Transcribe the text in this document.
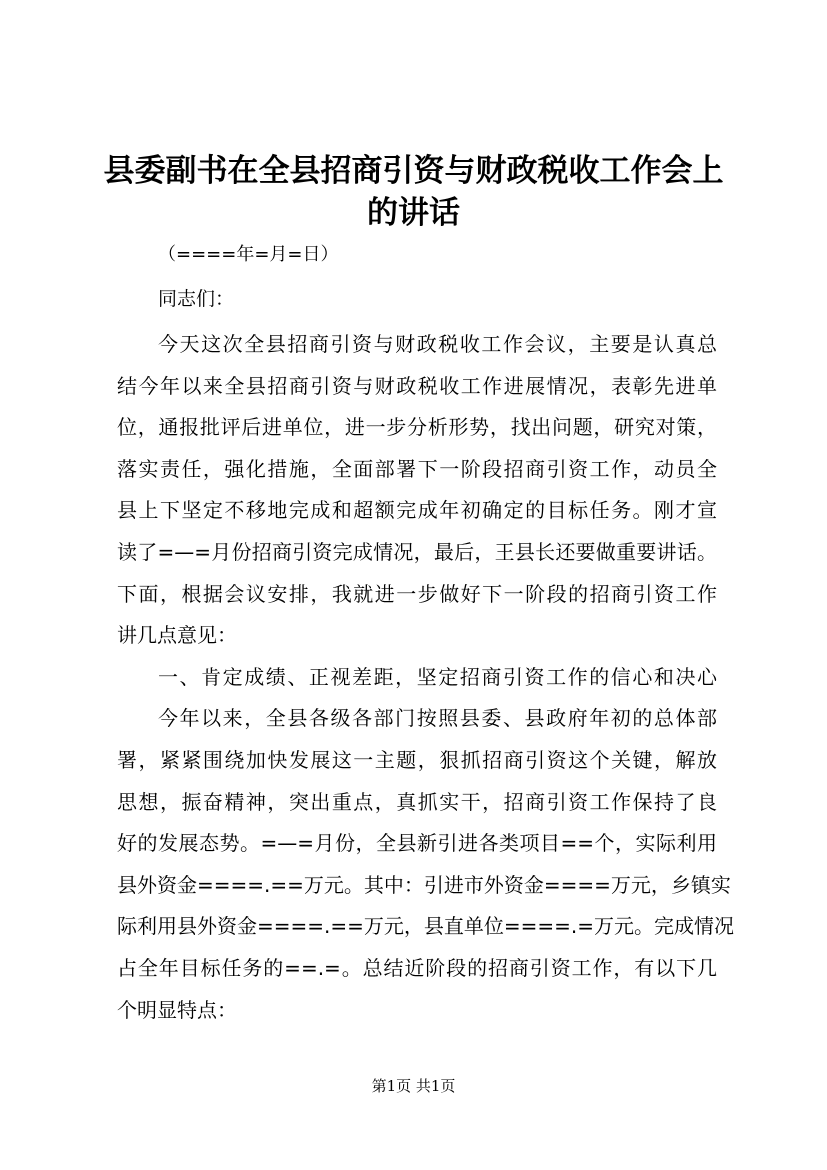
县委副书在全县招商引资与财政税收工作会上
的讲话
（====年=月=日）
同志们：
今天这次全县招商引资与财政税收工作会议，主要是认真总
结今年以来全县招商引资与财政税收工作进展情况，表彰先进单
位，通报批评后进单位，进一步分析形势，找出问题，研究对策，
落实责任，强化措施，全面部署下一阶段招商引资工作，动员全
县上下坚定不移地完成和超额完成年初确定的目标任务。刚才宣
读了=—=月份招商引资完成情况，最后，王县长还要做重要讲话。
下面，根据会议安排，我就进一步做好下一阶段的招商引资工作
讲几点意见：
一、肯定成绩、正视差距，坚定招商引资工作的信心和决心
今年以来，全县各级各部门按照县委、县政府年初的总体部
署，紧紧围绕加快发展这一主题，狠抓招商引资这个关键，解放
思想，振奋精神，突出重点，真抓实干，招商引资工作保持了良
好的发展态势。=—=月份，全县新引进各类项目==个，实际利用
县外资金====.==万元。其中：引进市外资金====万元，乡镇实
际利用县外资金====.==万元，县直单位====.=万元。完成情况
占全年目标任务的==.=。总结近阶段的招商引资工作，有以下几
个明显特点：
第1页 共1页
